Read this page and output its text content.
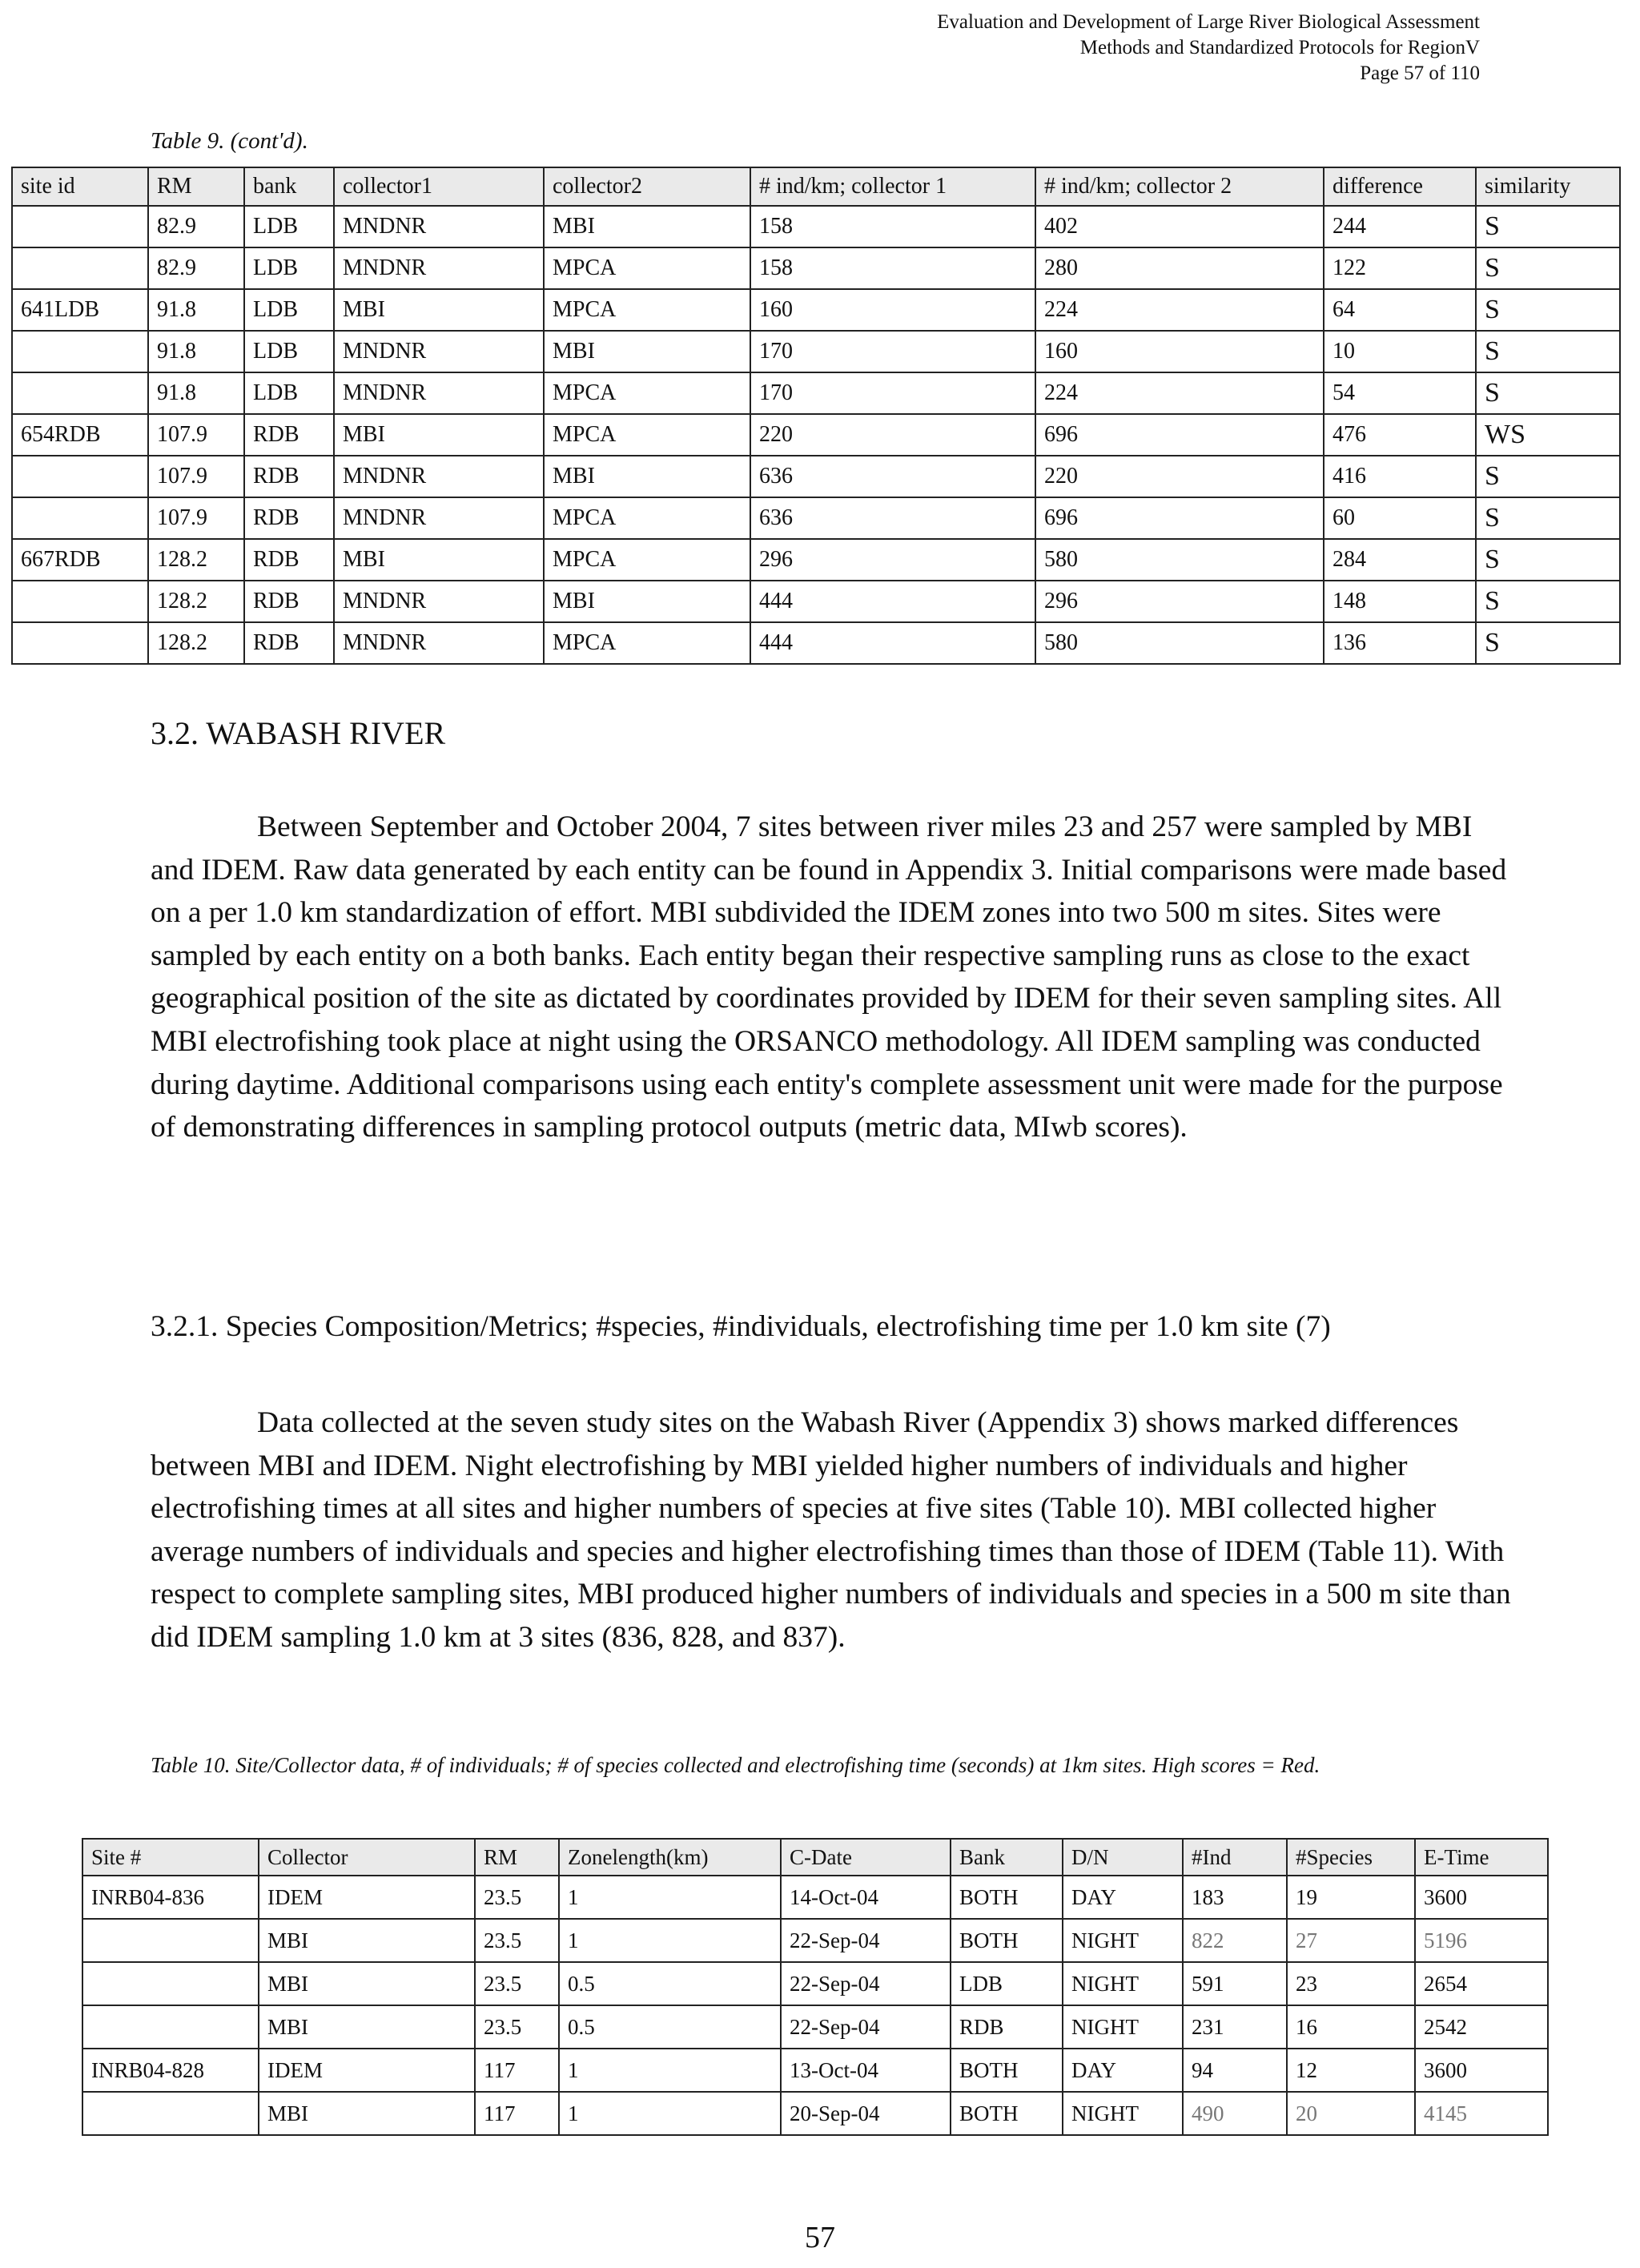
Evaluation and Development of Large River Biological Assessment
Methods and Standardized Protocols for RegionV
Page 57 of 110
Table 9. (cont'd).
site id	RM	bank	collector1	collector2	# ind/km; collector 1	# ind/km; collector 2	difference	similarity
	82.9	LDB	MNDNR	MBI	158	402	244	S
	82.9	LDB	MNDNR	MPCA	158	280	122	S
641LDB	91.8	LDB	MBI	MPCA	160	224	64	S
	91.8	LDB	MNDNR	MBI	170	160	10	S
	91.8	LDB	MNDNR	MPCA	170	224	54	S
654RDB	107.9	RDB	MBI	MPCA	220	696	476	WS
	107.9	RDB	MNDNR	MBI	636	220	416	S
	107.9	RDB	MNDNR	MPCA	636	696	60	S
667RDB	128.2	RDB	MBI	MPCA	296	580	284	S
	128.2	RDB	MNDNR	MBI	444	296	148	S
	128.2	RDB	MNDNR	MPCA	444	580	136	S
3.2. WABASH RIVER

Between September and October 2004, 7 sites between river miles 23 and 257 were sampled by MBI and IDEM. Raw data generated by each entity can be found in Appendix 3. Initial comparisons were made based on a per 1.0 km standardization of effort. MBI subdivided the IDEM zones into two 500 m sites. Sites were sampled by each entity on a both banks. Each entity began their respective sampling runs as close to the exact geographical position of the site as dictated by coordinates provided by IDEM for their seven sampling sites. All MBI electrofishing took place at night using the ORSANCO methodology. All IDEM sampling was conducted during daytime. Additional comparisons using each entity's complete assessment unit were made for the purpose of demonstrating differences in sampling protocol outputs (metric data, MIwb scores).

3.2.1. Species Composition/Metrics; #species, #individuals, electrofishing time per 1.0 km site (7)

Data collected at the seven study sites on the Wabash River (Appendix 3) shows marked differences between MBI and IDEM. Night electrofishing by MBI yielded higher numbers of individuals and higher electrofishing times at all sites and higher numbers of species at five sites (Table 10). MBI collected higher average numbers of individuals and species and higher electrofishing times than those of IDEM (Table 11). With respect to complete sampling sites, MBI produced higher numbers of individuals and species in a 500 m site than did IDEM sampling 1.0 km at 3 sites (836, 828, and 837).

Table 10. Site/Collector data, # of individuals; # of species collected and electrofishing time (seconds) at 1km sites. High scores = Red.
Site #	Collector	RM	Zonelength(km)	C-Date	Bank	D/N	#Ind	#Species	E-Time
INRB04-836	IDEM	23.5	1	14-Oct-04	BOTH	DAY	183	19	3600
	MBI	23.5	1	22-Sep-04	BOTH	NIGHT	822	27	5196
	MBI	23.5	0.5	22-Sep-04	LDB	NIGHT	591	23	2654
	MBI	23.5	0.5	22-Sep-04	RDB	NIGHT	231	16	2542
INRB04-828	IDEM	117	1	13-Oct-04	BOTH	DAY	94	12	3600
	MBI	117	1	20-Sep-04	BOTH	NIGHT	490	20	4145
57
